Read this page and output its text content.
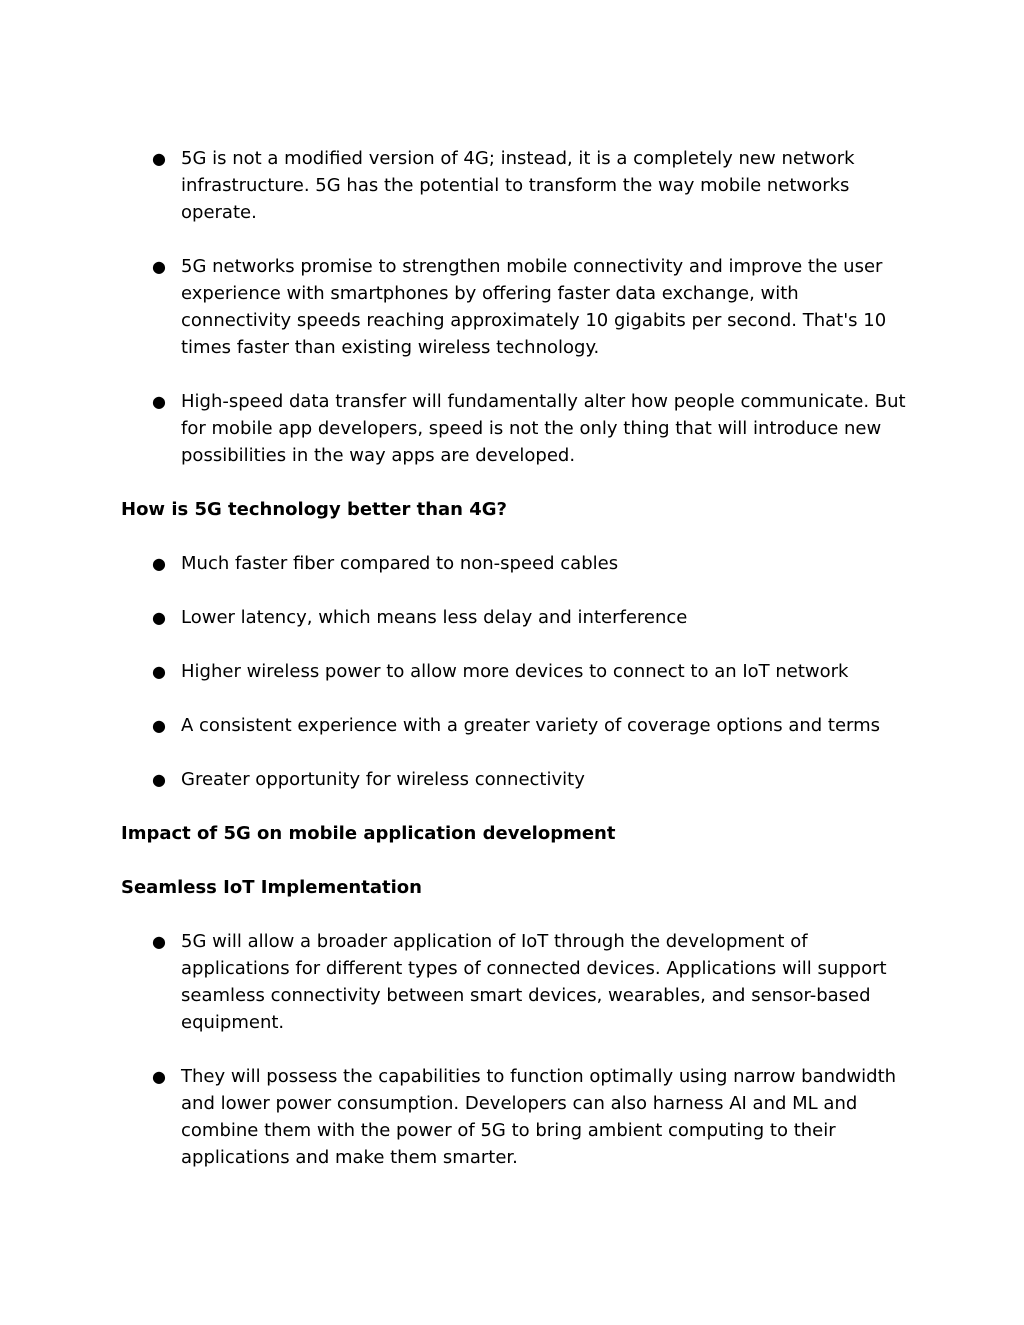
● 5G is not a modified version of 4G; instead, it is a completely new network infrastructure. 5G has the potential to transform the way mobile networks operate.
● 5G networks promise to strengthen mobile connectivity and improve the user experience with smartphones by offering faster data exchange, with connectivity speeds reaching approximately 10 gigabits per second. That's 10 times faster than existing wireless technology.
● High-speed data transfer will fundamentally alter how people communicate. But for mobile app developers, speed is not the only thing that will introduce new possibilities in the way apps are developed.
How is 5G technology better than 4G?
● Much faster fiber compared to non-speed cables
● Lower latency, which means less delay and interference
● Higher wireless power to allow more devices to connect to an IoT network
● A consistent experience with a greater variety of coverage options and terms
● Greater opportunity for wireless connectivity
Impact of 5G on mobile application development
Seamless IoT Implementation
● 5G will allow a broader application of IoT through the development of applications for different types of connected devices. Applications will support seamless connectivity between smart devices, wearables, and sensor-based equipment.
● They will possess the capabilities to function optimally using narrow bandwidth and lower power consumption. Developers can also harness AI and ML and combine them with the power of 5G to bring ambient computing to their applications and make them smarter.
